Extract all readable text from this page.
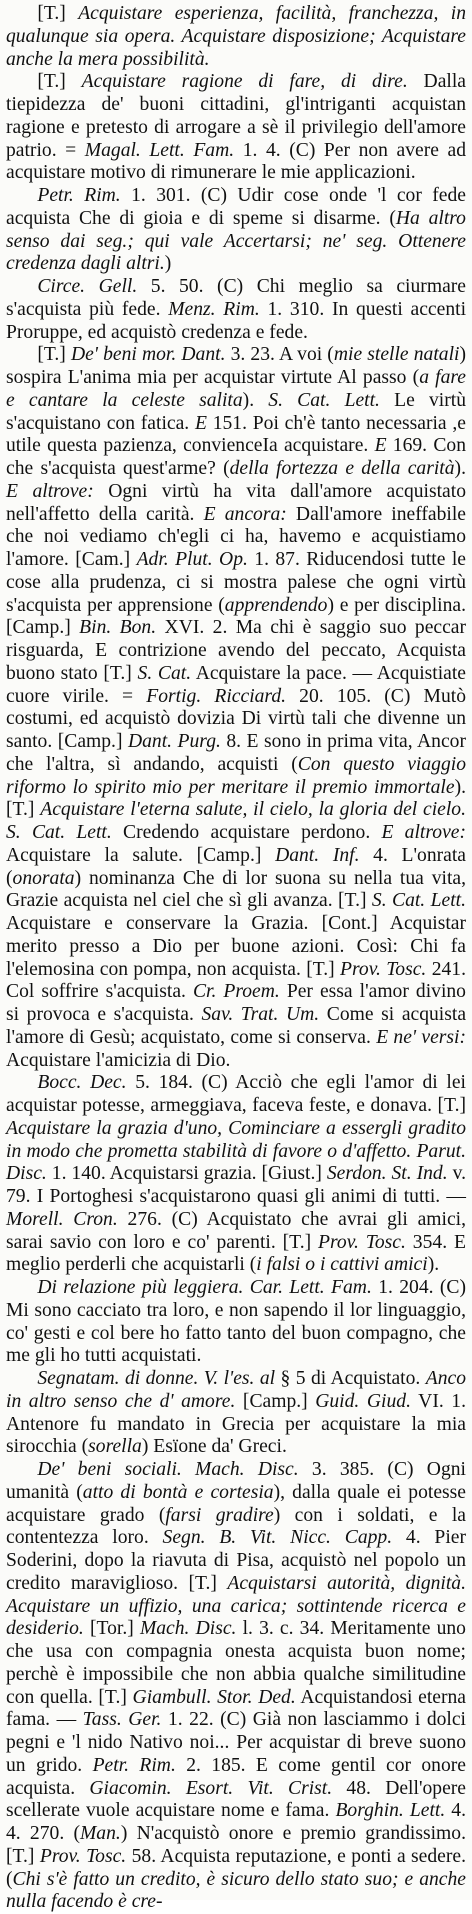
[T.] Acquistare esperienza, facilità, franchezza, in qualunque sia opera. Acquistare disposizione; Acquistare anche la mera possibilità.

[T.] Acquistare ragione di fare, di dire. Dalla tiepidezza de' buoni cittadini, gl'intriganti acquistan ragione e pretesto di arrogare a sè il privilegio dell'amore patrio. = Magal. Lett. Fam. 1. 4. (C) Per non avere ad acquistare motivo di rimunerare le mie applicazioni.

Petr. Rim. 1. 301. (C) Udir cose onde 'l cor fede acquista Che di gioia e di speme si disarme. (Ha altro senso dai seg.; qui vale Accertarsi; ne' seg. Ottenere credenza dagli altri.)

Circe. Gell. 5. 50. (C) Chi meglio sa ciurmare s'acquista più fede. Menz. Rim. 1. 310. In questi accenti Proruppe, ed acquistò credenza e fede.

[T.] De' beni mor. Dant. 3. 23. A voi (mie stelle natali) sospira L'anima mia per acquistar virtute Al passo (a fare e cantare la celeste salita). S. Cat. Lett. Le virtù s'acquistano con fatica. E 151. Poi ch'è tanto necessaria ,e utile questa pazienza, convienceIa acquistare. E 169. Con che s'acquista quest'arme? (della fortezza e della carità). E altrove: Ogni virtù ha vita dall'amore acquistato nell'affetto della carità. E ancora: Dall'amore ineffabile che noi vediamo ch'egli ci ha, havemo e acquistiamo l'amore. [Cam.] Adr. Plut. Op. 1. 87. Riducendosi tutte le cose alla prudenza, ci si mostra palese che ogni virtù s'acquista per apprensione (apprendendo) e per disciplina. [Camp.] Bin. Bon. XVI. 2. Ma chi è saggio suo peccar risguarda, E contrizione avendo del peccato, Acquista buono stato [T.] S. Cat. Acquistare la pace. — Acquistiate cuore virile. = Fortig. Ricciard. 20. 105. (C) Mutò costumi, ed acquistò dovizia Di virtù tali che divenne un santo. [Camp.] Dant. Purg. 8. E sono in prima vita, Ancor che l'altra, sì andando, acquisti (Con questo viaggio riformo lo spirito mio per meritare il premio immortale). [T.] Acquistare l'eterna salute, il cielo, la gloria del cielo. S. Cat. Lett. Credendo acquistare perdono. E altrove: Acquistare la salute. [Camp.] Dant. Inf. 4. L'onrata (onorata) nominanza Che di lor suona su nella tua vita, Grazie acquista nel ciel che sì gli avanza. [T.] S. Cat. Lett. Acquistare e conservare la Grazia. [Cont.] Acquistar merito presso a Dio per buone azioni. Così: Chi fa l'elemosina con pompa, non acquista. [T.] Prov. Tosc. 241. Col soffrire s'acquista. Cr. Proem. Per essa l'amor divino si provoca e s'acquista. Sav. Trat. Um. Come si acquista l'amore di Gesù; acquistato, come si conserva. E ne' versi: Acquistare l'amicizia di Dio.

Bocc. Dec. 5. 184. (C) Acciò che egli l'amor di lei acquistar potesse, armeggiava, faceva feste, e donava. [T.] Acquistare la grazia d'uno, Cominciare a essergli gradito in modo che prometta stabilità di favore o d'affetto. Parut. Disc. 1. 140. Acquistarsi grazia. [Giust.] Serdon. St. Ind. v. 79. I Portoghesi s'acquistarono quasi gli animi di tutti. — Morell. Cron. 276. (C) Acquistato che avrai gli amici, sarai savio con loro e co' parenti. [T.] Prov. Tosc. 354. E meglio perderli che acquistarli (i falsi o i cattivi amici).

Di relazione più leggiera. Car. Lett. Fam. 1. 204. (C) Mi sono cacciato tra loro, e non sapendo il lor linguaggio, co' gesti e col bere ho fatto tanto del buon compagno, che me gli ho tutti acquistati.

Segnatam. di donne. V. l'es. al § 5 di Acquistato. Anco in altro senso che d' amore. [Camp.] Guid. Giud. VI. 1. Antenore fu mandato in Grecia per acquistare la mia sirocchia (sorella) Esïone da' Greci.

De' beni sociali. Mach. Disc. 3. 385. (C) Ogni umanità (atto di bontà e cortesia), dalla quale ei potesse acquistare grado (farsi gradire) con i soldati, e la contentezza loro. Segn. B. Vit. Nicc. Capp. 4. Pier Soderini, dopo la riavuta di Pisa, acquistò nel popolo un credito maraviglioso. [T.] Acquistarsi autorità, dignità. Acquistare un uffizio, una carica; sottintende ricerca e desiderio. [Tor.] Mach. Disc. l. 3. c. 34. Meritamente uno che usa con compagnia onesta acquista buon nome; perchè è impossibile che non abbia qualche similitudine con quella. [T.] Giambull. Stor. Ded. Acquistandosi eterna fama. — Tass. Ger. 1. 22. (C) Già non lasciammo i dolci pegni e 'l nido Nativo noi... Per acquistar di breve suono un grido. Petr. Rim. 2. 185. E come gentil cor onore acquista. Giacomin. Esort. Vit. Crist. 48. Dell'opere scellerate vuole acquistare nome e fama. Borghin. Lett. 4. 4. 270. (Man.) N'acquistò onore e premio grandissimo. [T.] Prov. Tosc. 58. Acquista reputazione, e ponti a sedere. (Chi s'è fatto un credito, è sicuro dello stato suo; e anche nulla facendo è cre-
